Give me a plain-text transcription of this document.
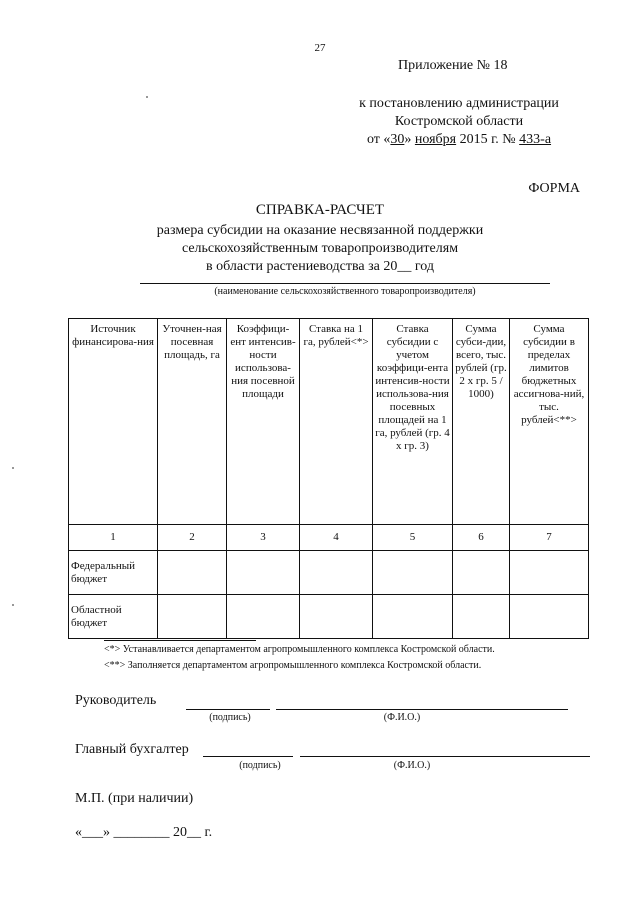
27
Приложение № 18
к постановлению администрации
Костромской области
от «30» ноября 2015 г. № 433-а
ФОРМА
СПРАВКА-РАСЧЕТ
размера субсидии на оказание несвязанной поддержки
сельскохозяйственным товаропроизводителям
в области растениеводства за 20__ год
(наименование сельскохозяйственного товаропроизводителя)
Источник финансирова-ния	Уточнен-ная посевная площадь, га	Коэффици-ент интенсив-ности использова-ния посевной площади	Ставка на 1 га, рублей<*>	Ставка субсидии с учетом коэффици-ента интенсив-ности использова-ния посевных площадей на 1 га, рублей (гр. 4 х гр. 3)	Сумма субси-дии, всего, тыс. рублей (гр. 2 х гр. 5 / 1000)	Сумма субсидии в пределах лимитов бюджетных ассигнова-ний, тыс. рублей<**>
1	2	3	4	5	6	7
Федеральный бюджет						
Областной бюджет						
<*> Устанавливается департаментом агропромышленного комплекса Костромской области.
<**> Заполняется департаментом агропромышленного комплекса Костромской области.
Руководитель
(подпись)	(Ф.И.О.)
Главный бухгалтер
(подпись)	(Ф.И.О.)
М.П. (при наличии)
«___» ________ 20__ г.
